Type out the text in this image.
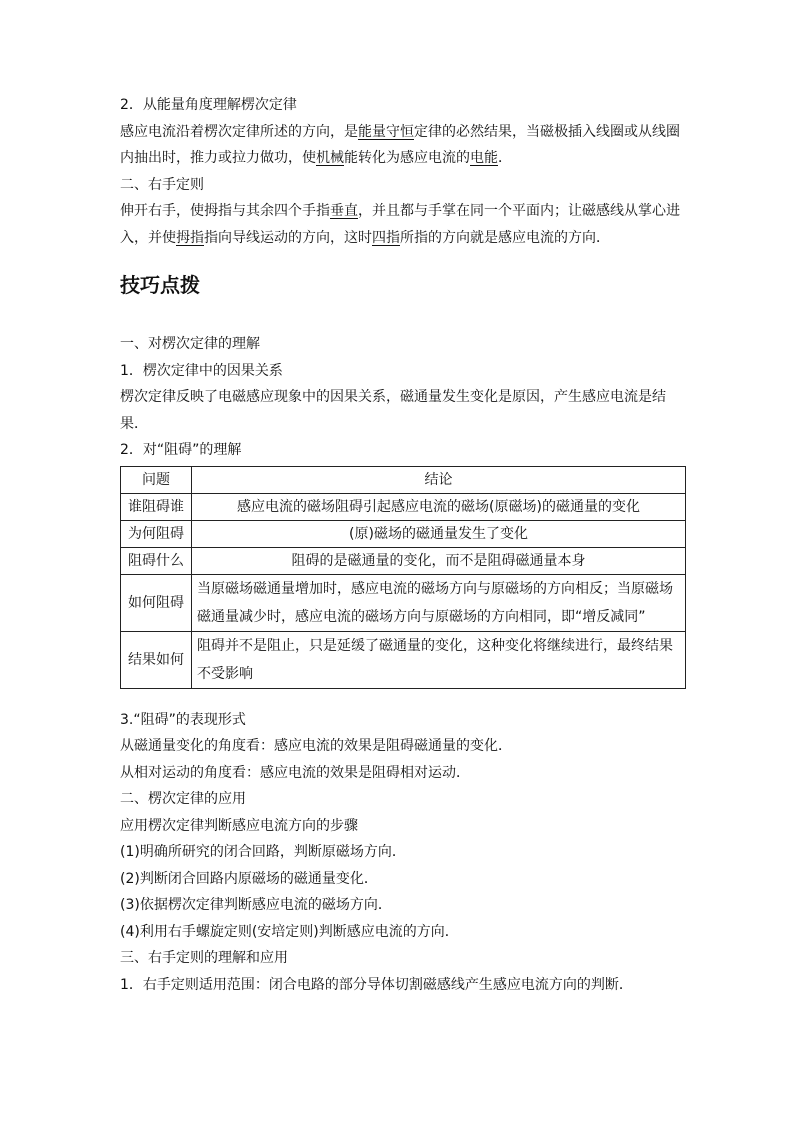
2．从能量角度理解楞次定律
感应电流沿着楞次定律所述的方向，是能量守恒定律的必然结果，当磁极插入线圈或从线圈
内抽出时，推力或拉力做功，使机械能转化为感应电流的电能．
二、右手定则
伸开右手，使拇指与其余四个手指垂直，并且都与手掌在同一个平面内；让磁感线从掌心进
入，并使拇指指向导线运动的方向，这时四指所指的方向就是感应电流的方向．
技巧点拨
一、对楞次定律的理解
1．楞次定律中的因果关系
楞次定律反映了电磁感应现象中的因果关系，磁通量发生变化是原因，产生感应电流是结
果．
2．对“阻碍”的理解
问题	结论
谁阻碍谁	感应电流的磁场阻碍引起感应电流的磁场(原磁场)的磁通量的变化
为何阻碍	(原)磁场的磁通量发生了变化
阻碍什么	阻碍的是磁通量的变化，而不是阻碍磁通量本身
如何阻碍	当原磁场磁通量增加时，感应电流的磁场方向与原磁场的方向相反；当原磁场磁通量减少时，感应电流的磁场方向与原磁场的方向相同，即“增反减同”
结果如何	阻碍并不是阻止，只是延缓了磁通量的变化，这种变化将继续进行，最终结果不受影响
3.“阻碍”的表现形式
从磁通量变化的角度看：感应电流的效果是阻碍磁通量的变化．
从相对运动的角度看：感应电流的效果是阻碍相对运动．
二、楞次定律的应用
应用楞次定律判断感应电流方向的步骤
(1)明确所研究的闭合回路，判断原磁场方向．
(2)判断闭合回路内原磁场的磁通量变化．
(3)依据楞次定律判断感应电流的磁场方向．
(4)利用右手螺旋定则(安培定则)判断感应电流的方向．
三、右手定则的理解和应用
1．右手定则适用范围：闭合电路的部分导体切割磁感线产生感应电流方向的判断．
